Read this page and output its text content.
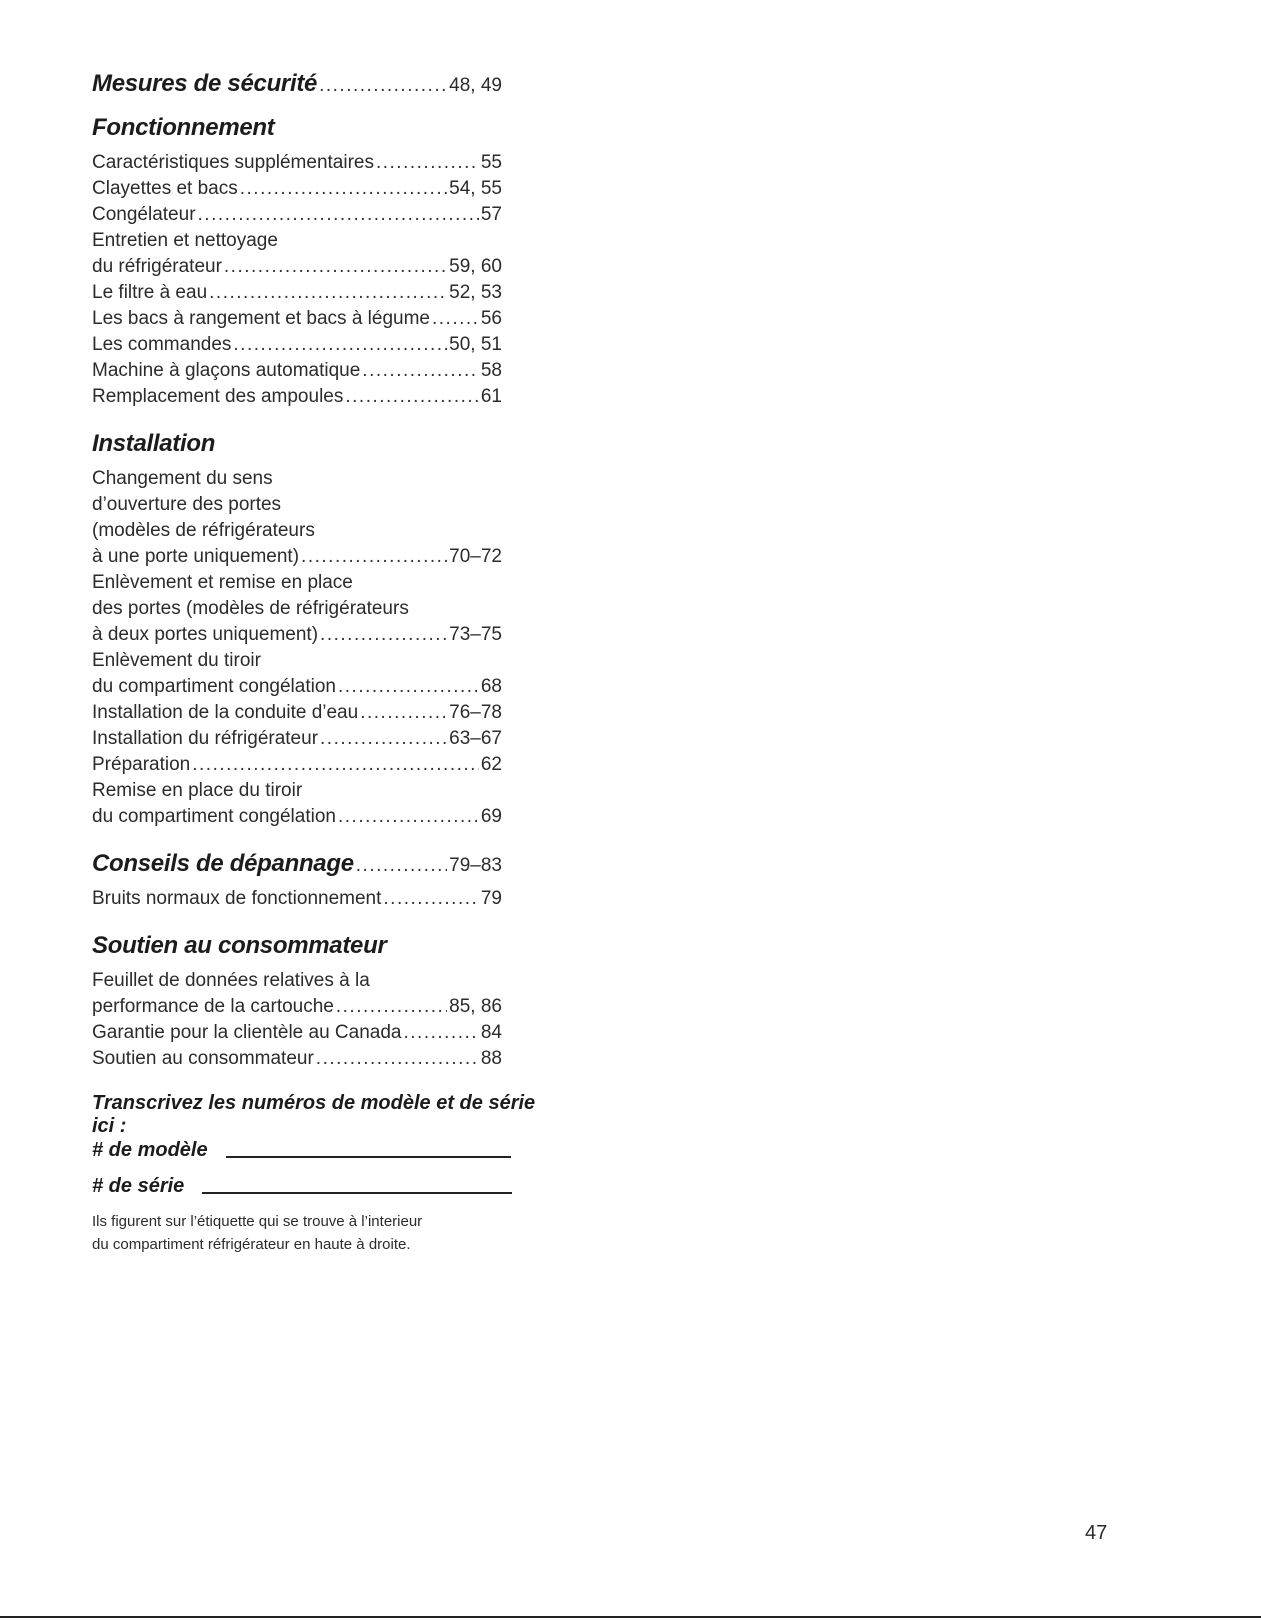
Mesures de sécurité .....	48, 49
Fonctionnement
Caractéristiques supplémentaires .....	55
Clayettes et bacs .....	54, 55
Congélateur .....	57
Entretien et nettoyage
du réfrigérateur .....	59, 60
Le filtre à eau .....	52, 53
Les bacs à rangement et bacs à légume .....	56
Les commandes .....	50, 51
Machine à glaçons automatique .....	58
Remplacement des ampoules .....	61
Installation
Changement du sens
d’ouverture des portes
(modèles de réfrigérateurs
à une porte uniquement) .....	70–72
Enlèvement et remise en place
des portes (modèles de réfrigérateurs
à deux portes uniquement) .....	73–75
Enlèvement du tiroir
du compartiment congélation .....	68
Installation de la conduite d’eau .....	76–78
Installation du réfrigérateur .....	63–67
Préparation .....	62
Remise en place du tiroir
du compartiment congélation .....	69
Conseils de dépannage .....	79–83
Bruits normaux de fonctionnement .....	79
Soutien au consommateur
Feuillet de données relatives à la
performance de la cartouche .....	85, 86
Garantie pour la clientèle au Canada .....	84
Soutien au consommateur .....	88
Transcrivez les numéros de modèle et de série ici :
# de modèle
# de série
Ils figurent sur l’étiquette qui se trouve à l’interieur
du compartiment réfrigérateur en haute à droite.
47
